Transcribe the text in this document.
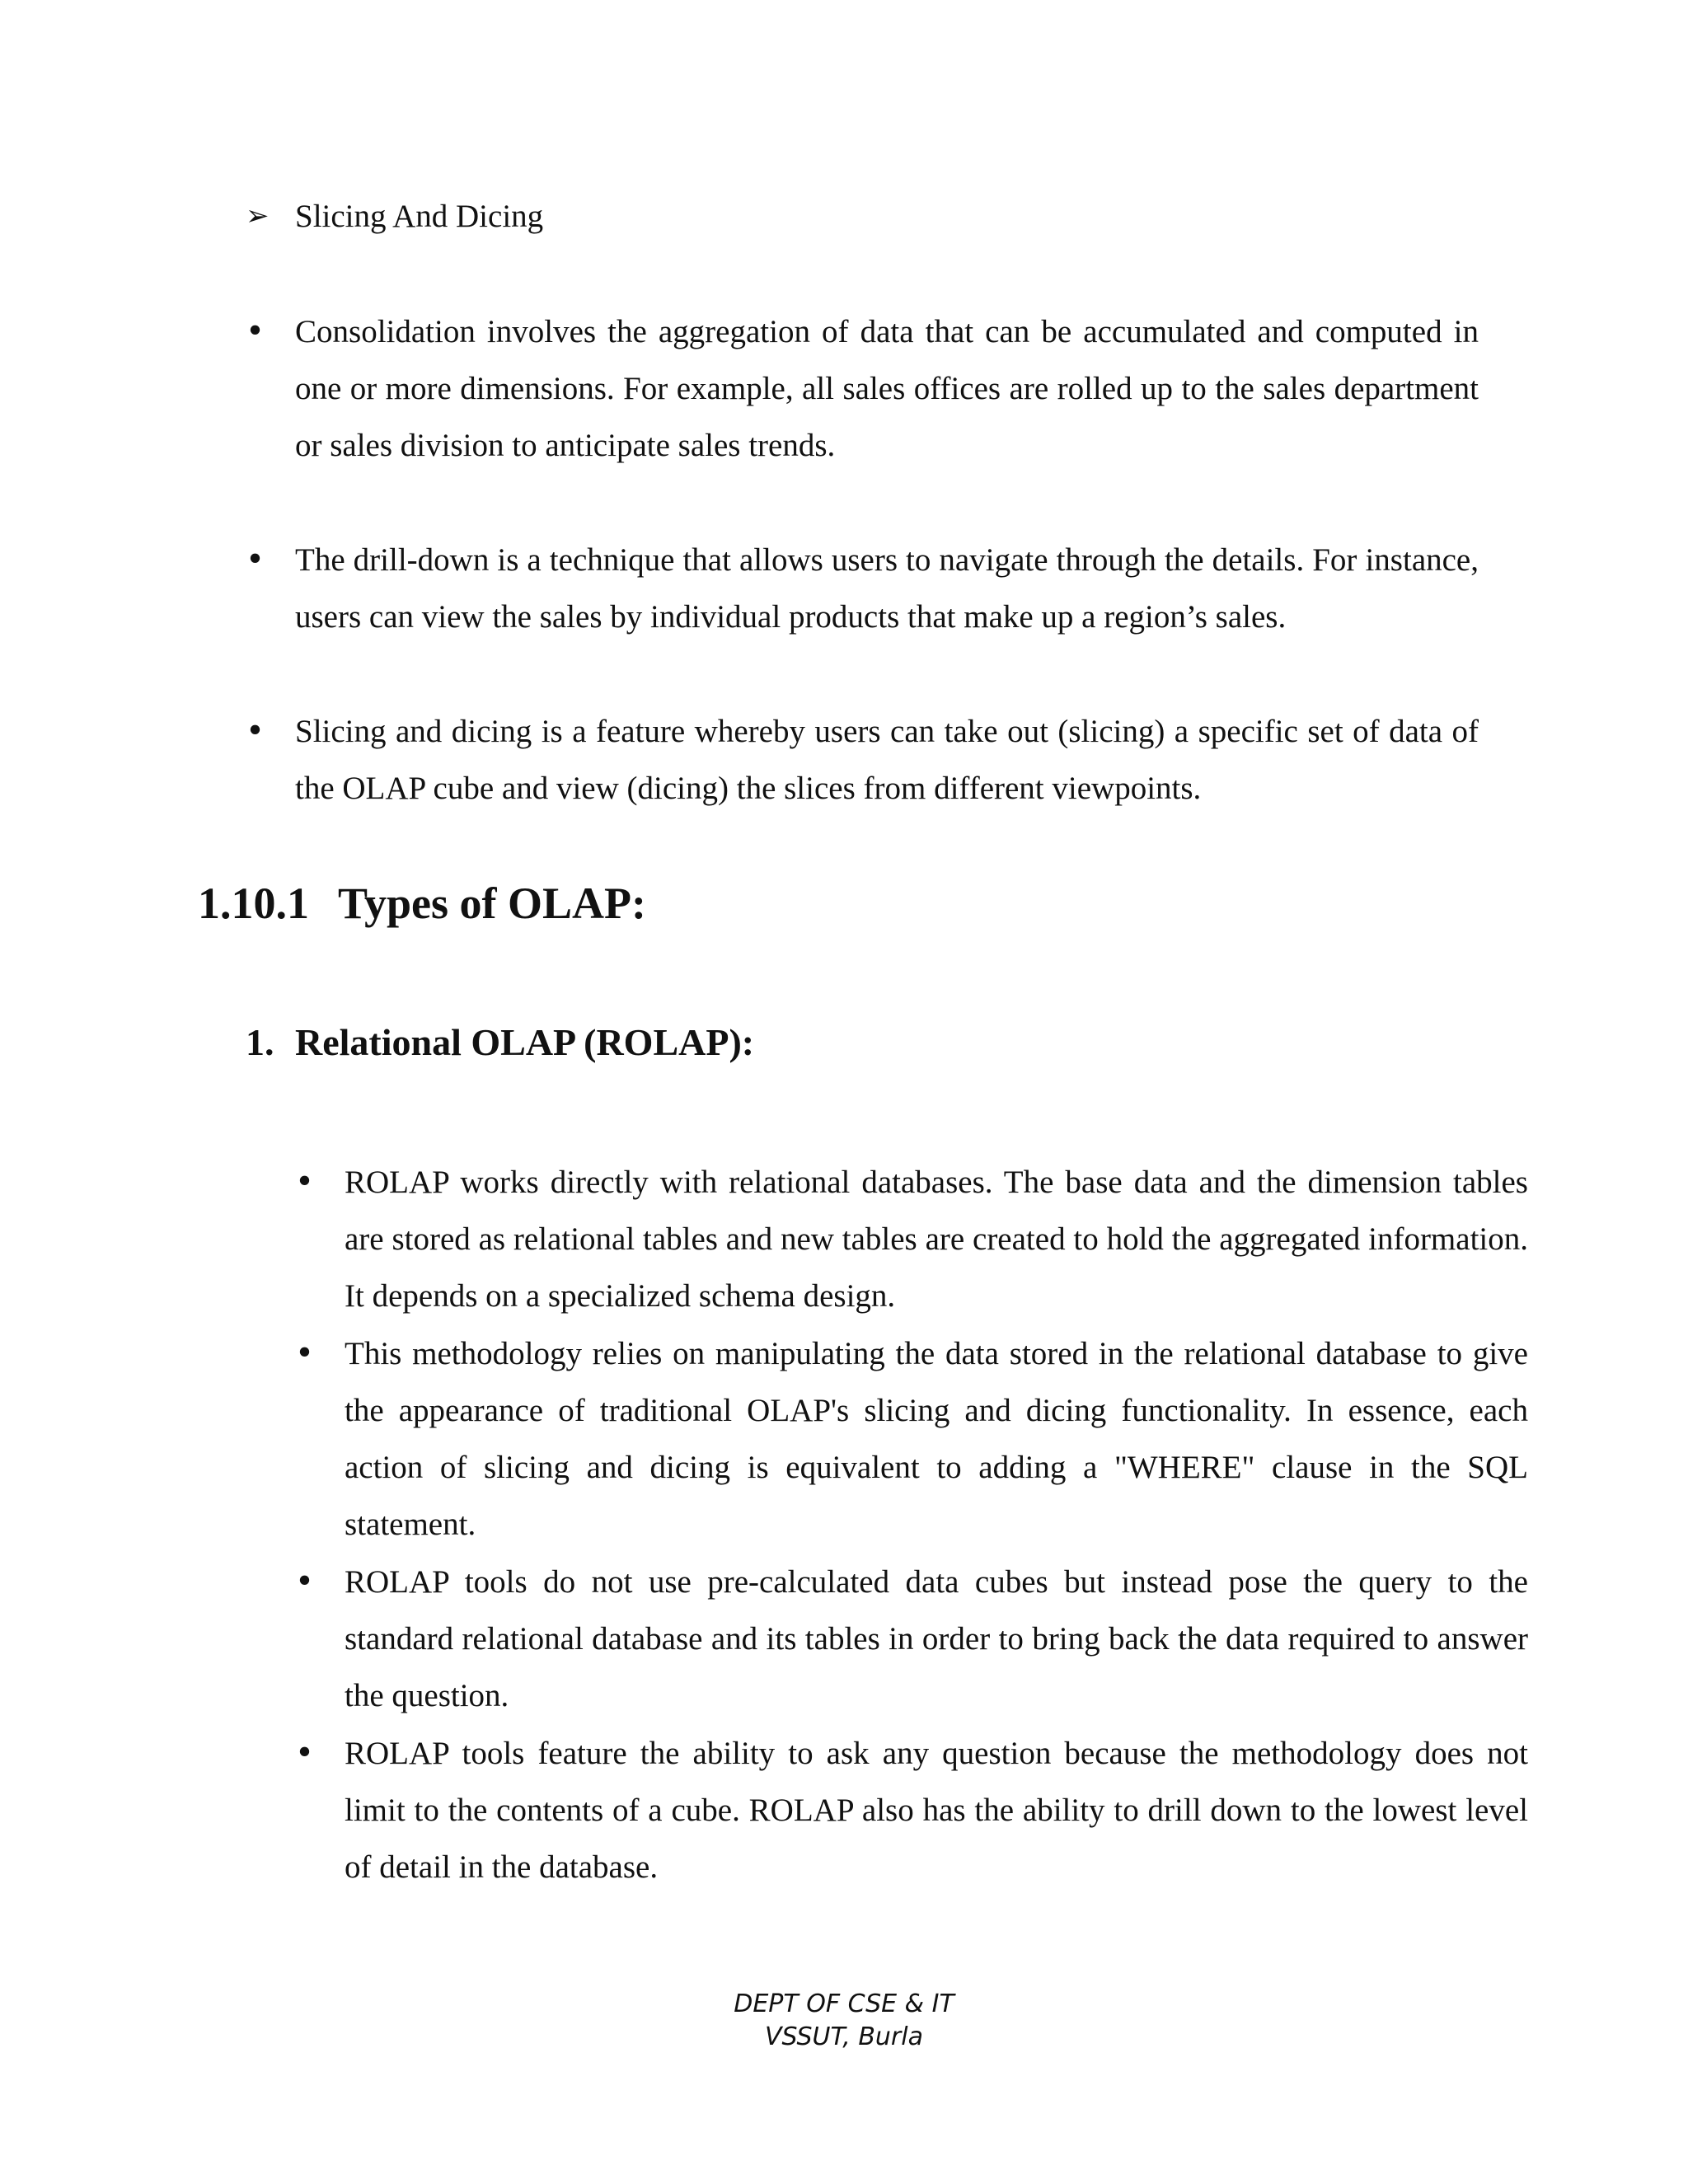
➢ Slicing And Dicing
• Consolidation involves the aggregation of data that can be accumulated and computed in one or more dimensions. For example, all sales offices are rolled up to the sales department or sales division to anticipate sales trends.
• The drill-down is a technique that allows users to navigate through the details. For instance, users can view the sales by individual products that make up a region’s sales.
• Slicing and dicing is a feature whereby users can take out (slicing) a specific set of data of the OLAP cube and view (dicing) the slices from different viewpoints.
1.10.1 Types of OLAP:
1. Relational OLAP (ROLAP):
• ROLAP works directly with relational databases. The base data and the dimension tables are stored as relational tables and new tables are created to hold the aggregated information. It depends on a specialized schema design.
• This methodology relies on manipulating the data stored in the relational database to give the appearance of traditional OLAP's slicing and dicing functionality. In essence, each action of slicing and dicing is equivalent to adding a "WHERE" clause in the SQL statement.
• ROLAP tools do not use pre-calculated data cubes but instead pose the query to the standard relational database and its tables in order to bring back the data required to answer the question.
• ROLAP tools feature the ability to ask any question because the methodology does not limit to the contents of a cube. ROLAP also has the ability to drill down to the lowest level of detail in the database.
DEPT OF CSE & IT
VSSUT, Burla
